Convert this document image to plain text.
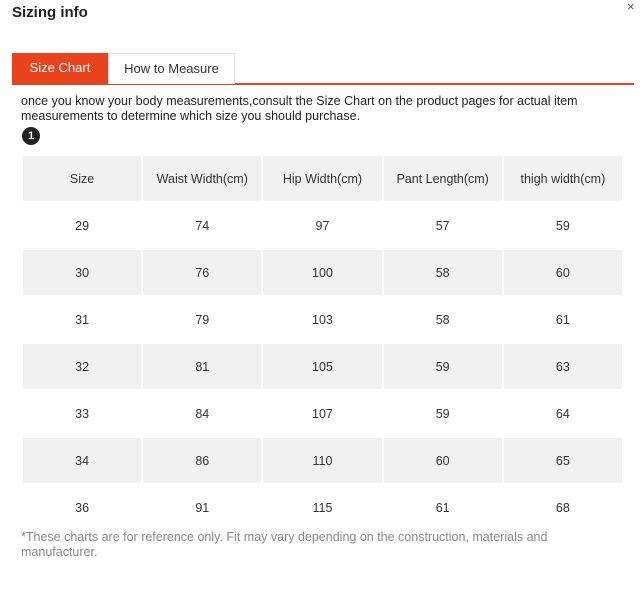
Sizing info	×
Size Chart	How to Measure
once you know your body measurements,consult the Size Chart on the product pages for actual item measurements to determine which size you should purchase.
1
Size	Waist Width(cm)	Hip Width(cm)	Pant Length(cm)	thigh width(cm)
29	74	97	57	59
30	76	100	58	60
31	79	103	58	61
32	81	105	59	63
33	84	107	59	64
34	86	110	60	65
36	91	115	61	68
*These charts are for reference only. Fit may vary depending on the construction, materials and manufacturer.
